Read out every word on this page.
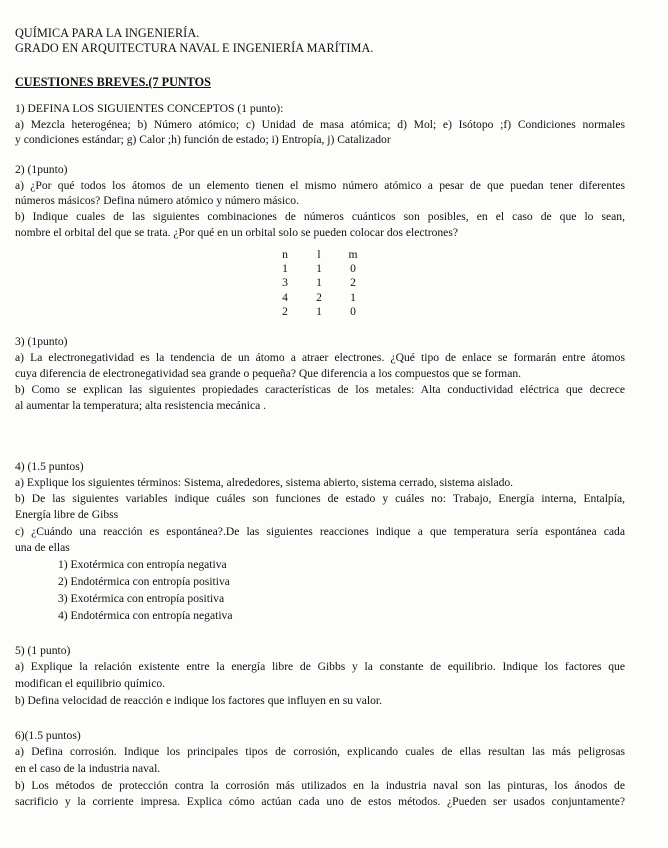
QUÍMICA PARA LA INGENIERÍA.
GRADO EN ARQUITECTURA NAVAL E INGENIERÍA MARÍTIMA.
CUESTIONES BREVES.(7 PUNTOS
1) DEFINA LOS SIGUIENTES CONCEPTOS (1 punto):
a) Mezcla heterogénea; b) Número atómico; c) Unidad de masa atómica; d) Mol; e) Isótopo ;f) Condiciones normales
y condiciones estándar; g) Calor ;h) función de estado; i) Entropía, j) Catalizador
2) (1punto)
a) ¿Por qué todos los átomos de un elemento tienen el mismo número atómico a pesar de que puedan tener diferentes
números másicos? Defina número atómico y número másico.
b) Indique cuales de las siguientes combinaciones de números cuánticos son posibles, en el caso de que lo sean,
nombre el orbital del que se trata. ¿Por qué en un orbital solo se pueden colocar dos electrones?
n	l	m
1	1	0
3	1	2
4	2	1
2	1	0
3) (1punto)
a) La electronegatividad es la tendencia de un átomo a atraer electrones. ¿Qué tipo de enlace se formarán entre átomos
cuya diferencia de electronegatividad sea grande o pequeña? Que diferencia a los compuestos que se forman.
b) Como se explican las siguientes propiedades características de los metales: Alta conductividad eléctrica que decrece
al aumentar la temperatura; alta resistencia mecánica .
4) (1.5 puntos)
a) Explique los siguientes términos: Sistema, alrededores, sistema abierto, sistema cerrado, sistema aislado.
b) De las siguientes variables indique cuáles son funciones de estado y cuáles no: Trabajo, Energía interna, Entalpía,
Energía libre de Gibss
c) ¿Cuándo una reacción es espontánea?.De las siguientes reacciones indique a que temperatura sería espontánea cada
una de ellas
1) Exotérmica con entropía negativa
2) Endotérmica con entropía positiva
3) Exotérmica con entropía positiva
4) Endotérmica con entropía negativa
5) (1 punto)
a) Explique la relación existente entre la energía libre de Gibbs y la constante de equilibrio. Indique los factores que
modifican el equilibrio químico.
b) Defina velocidad de reacción e indique los factores que influyen en su valor.
6)(1.5 puntos)
a) Defina corrosión. Indique los principales tipos de corrosión, explicando cuales de ellas resultan las más peligrosas
en el caso de la industria naval.
b) Los métodos de protección contra la corrosión más utilizados en la industria naval son las pinturas, los ánodos de
sacrificio y la corriente impresa. Explica cómo actúan cada uno de estos métodos. ¿Pueden ser usados conjuntamente?
